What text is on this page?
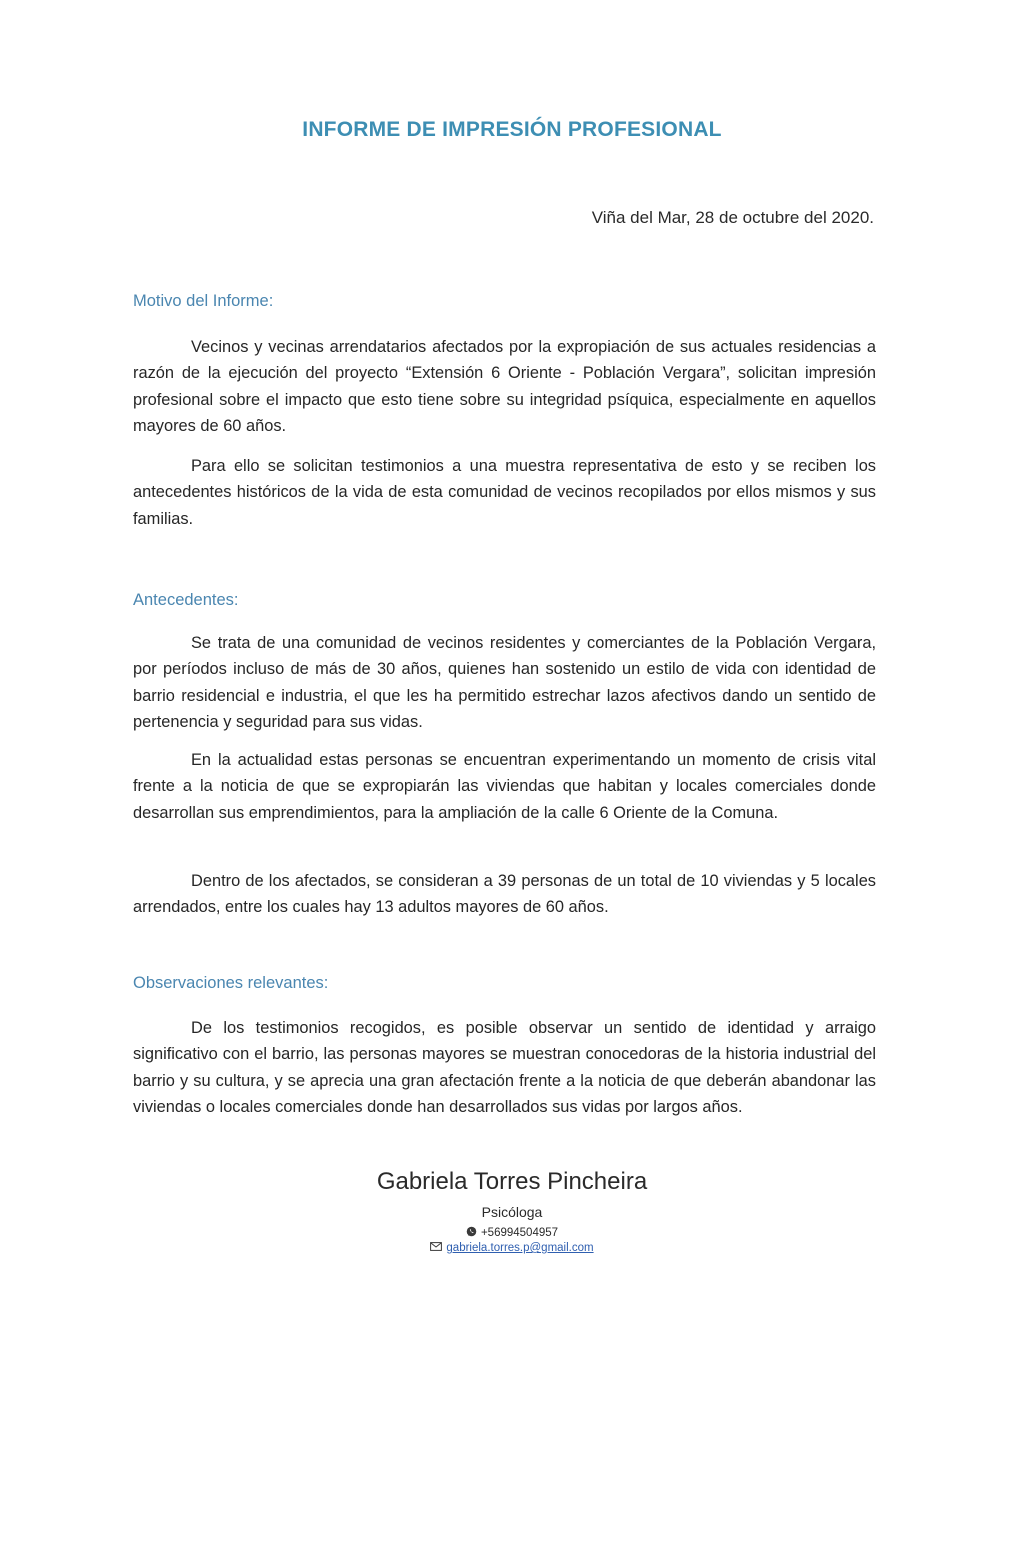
INFORME DE IMPRESIÓN PROFESIONAL

Viña del Mar, 28 de octubre del 2020.

Motivo del Informe:

Vecinos y vecinas arrendatarios afectados por la expropiación de sus actuales residencias a razón de la ejecución del proyecto “Extensión 6 Oriente - Población Vergara”, solicitan impresión profesional sobre el impacto que esto tiene sobre su integridad psíquica, especialmente en aquellos mayores de 60 años.

Para ello se solicitan testimonios a una muestra representativa de esto y se reciben los antecedentes históricos de la vida de esta comunidad de vecinos recopilados por ellos mismos y sus familias.

Antecedentes:

Se trata de una comunidad de vecinos residentes y comerciantes de la Población Vergara, por períodos incluso de más de 30 años, quienes han sostenido un estilo de vida con identidad de barrio residencial e industria, el que les ha permitido estrechar lazos afectivos dando un sentido de pertenencia y seguridad para sus vidas.

En la actualidad estas personas se encuentran experimentando un momento de crisis vital frente a la noticia de que se expropiarán las viviendas que habitan y locales comerciales donde desarrollan sus emprendimientos, para la ampliación de la calle 6 Oriente de la Comuna.

Dentro de los afectados, se consideran a 39 personas de un total de 10 viviendas y 5 locales arrendados, entre los cuales hay 13 adultos mayores de 60 años.

Observaciones relevantes:

De los testimonios recogidos, es posible observar un sentido de identidad y arraigo significativo con el barrio, las personas mayores se muestran conocedoras de la historia industrial del barrio y su cultura, y se aprecia una gran afectación frente a la noticia de que deberán abandonar las viviendas o locales comerciales donde han desarrollados sus vidas por largos años.

Gabriela Torres Pincheira

Psicóloga

+56994504957

gabriela.torres.p@gmail.com
